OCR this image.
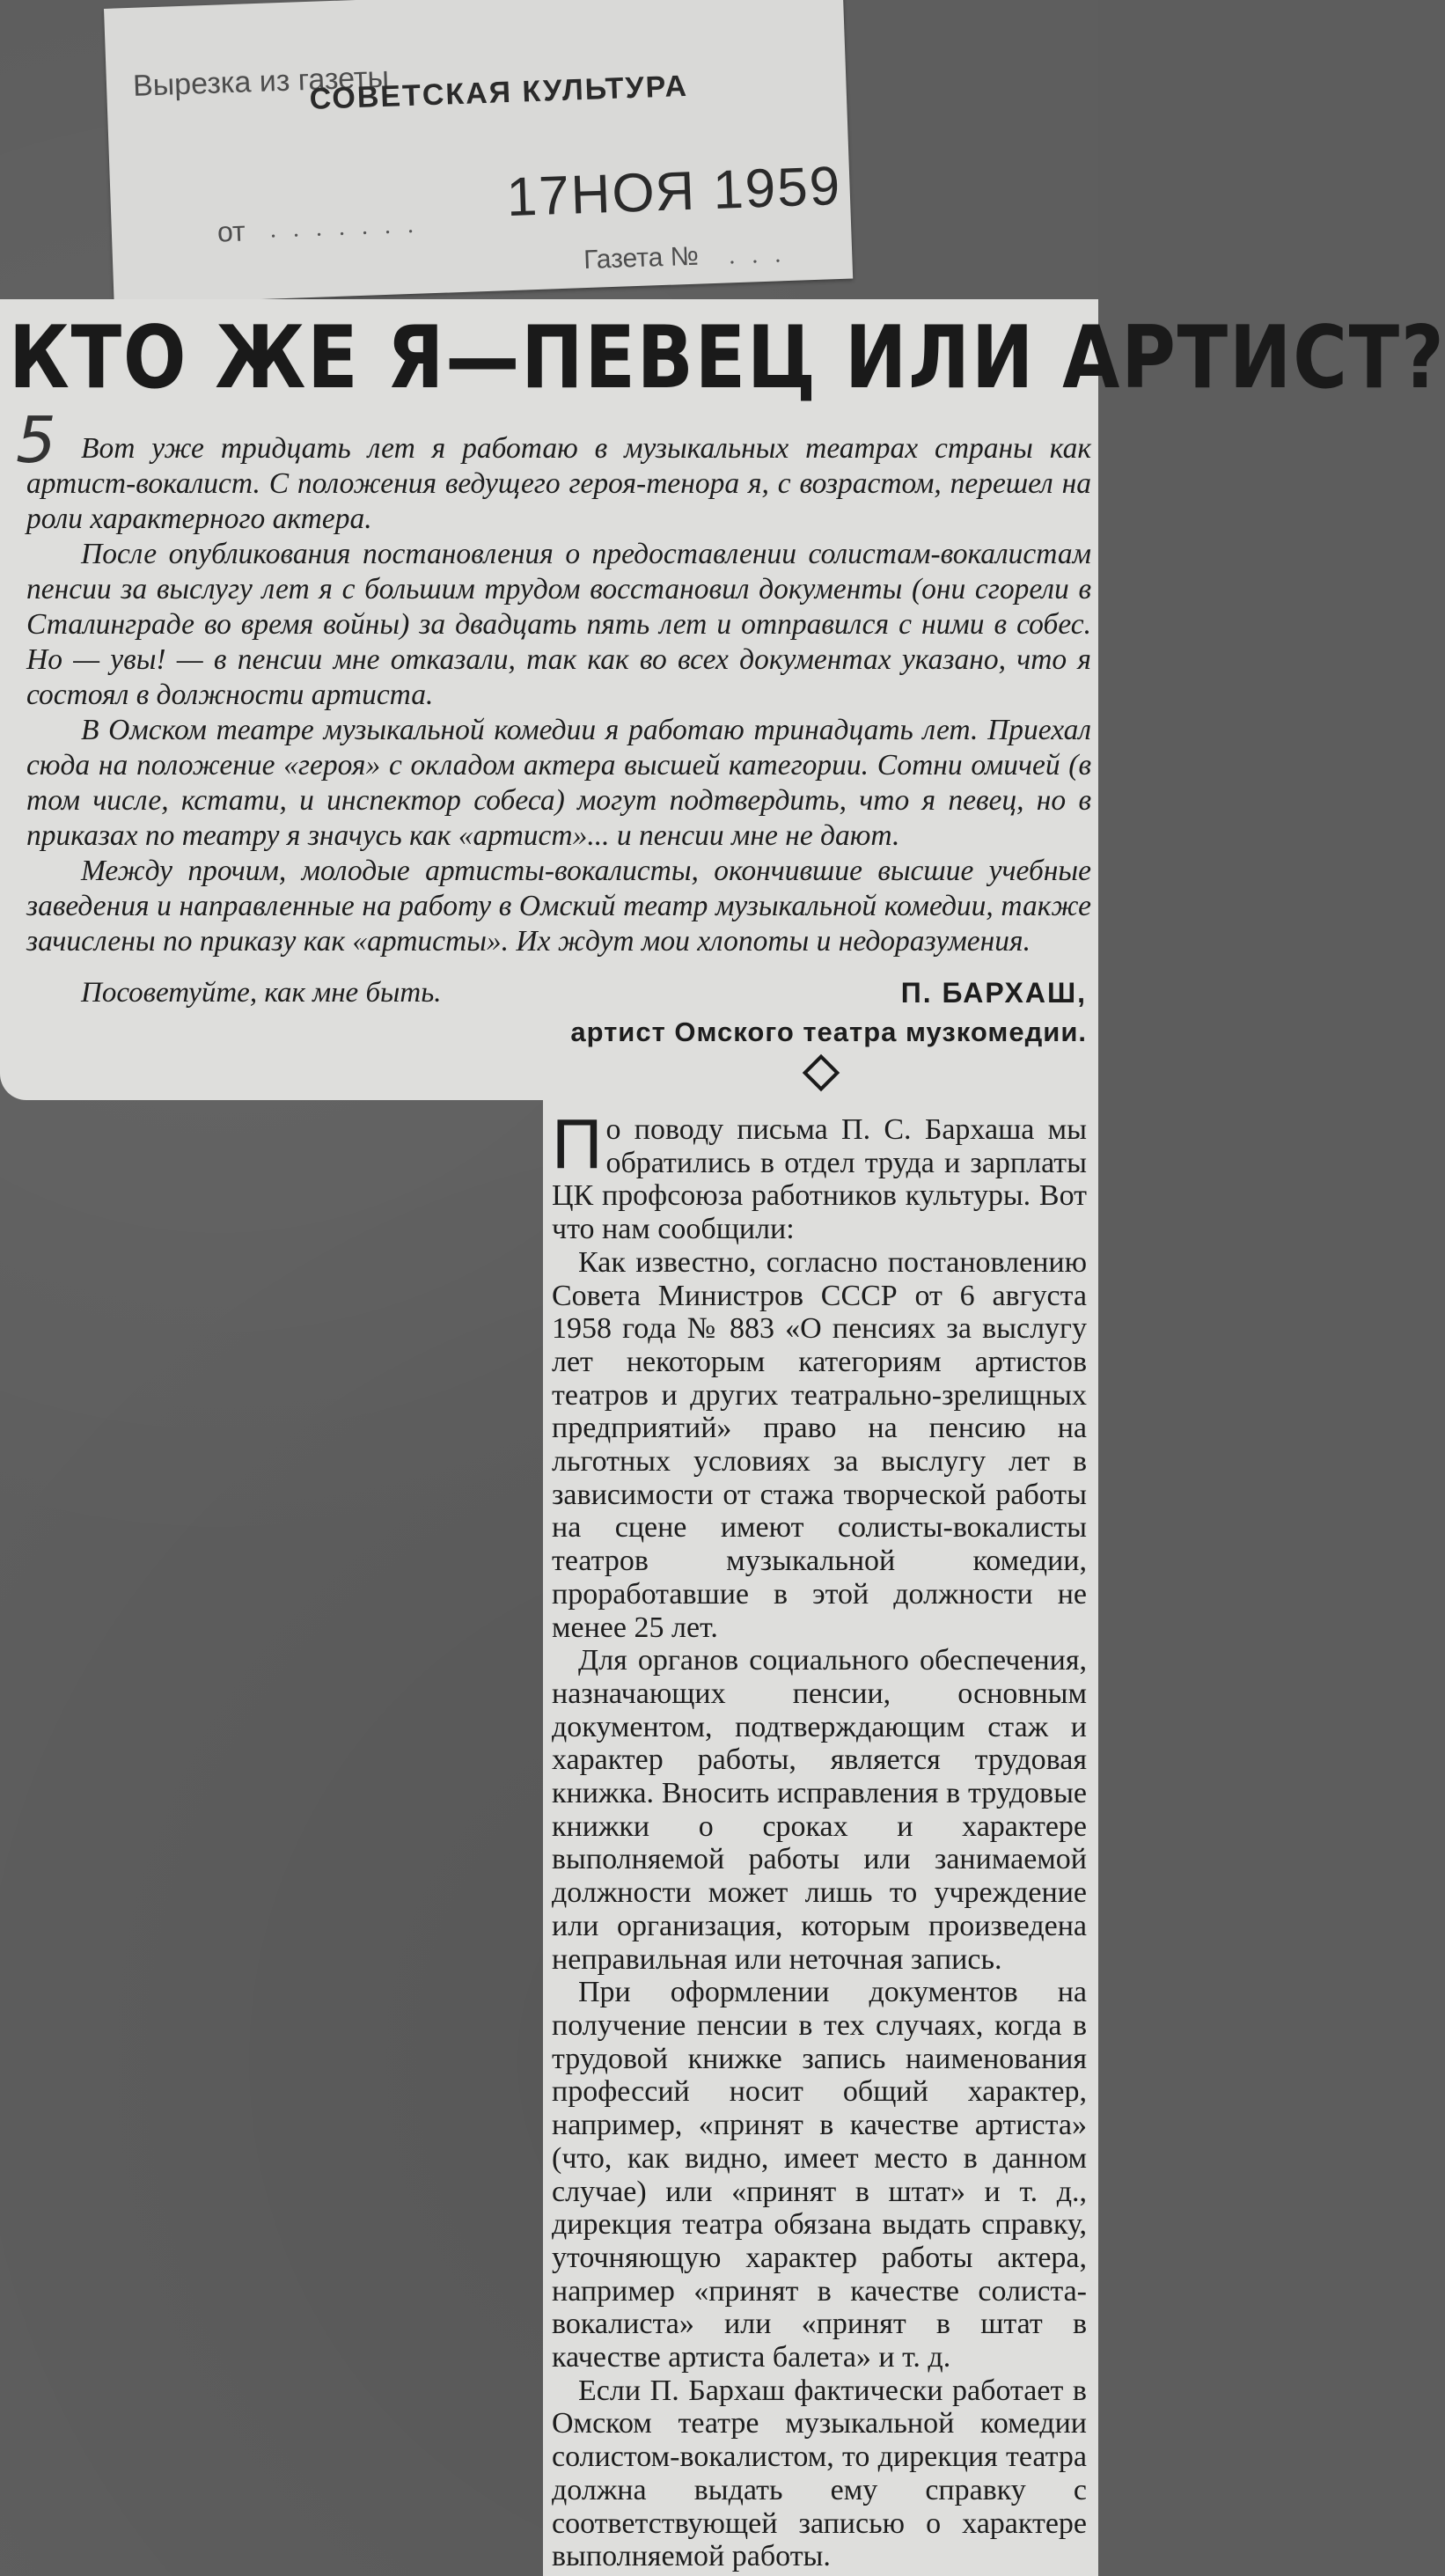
Вырезка из газеты
СОВЕТСКАЯ КУЛЬТУРА
от . . . . . . . 17НОЯ 1959
Газета № . . .
КТО ЖЕ Я—ПЕВЕЦ ИЛИ АРТИСТ?
5 Вот уже тридцать лет я работаю в музыкальных театрах страны как артист-вокалист. С положения ведущего героя-тенора я, с возрастом, перешел на роли характерного актера.

После опубликования постановления о предоставлении солистам-вокалистам пенсии за выслугу лет я с большим трудом восстановил документы (они сгорели в Сталинграде во время войны) за двадцать пять лет и отправился с ними в собес. Но — увы! — в пенсии мне отказали, так как во всех документах указано, что я состоял в должности артиста.

В Омском театре музыкальной комедии я работаю тринадцать лет. Приехал сюда на положение «героя» с окладом актера высшей категории. Сотни омичей (в том числе, кстати, и инспектор собеса) могут подтвердить, что я певец, но в приказах по театру я значусь как «артист»... и пенсии мне не дают.

Между прочим, молодые артисты-вокалисты, окончившие высшие учебные заведения и направленные на работу в Омский театр музыкальной комедии, также зачислены по приказу как «артисты». Их ждут мои хлопоты и недоразумения.

Посоветуйте, как мне быть.	П. БАРХАШ,
артист Омского театра музкомедии.

По поводу письма П. С. Бархаша мы обратились в отдел труда и зарплаты ЦК профсоюза работников культуры. Вот что нам сообщили:

Как известно, согласно постановлению Совета Министров СССР от 6 августа 1958 года № 883 «О пенсиях за выслугу лет некоторым категориям артистов театров и других театрально-зрелищных предприятий» право на пенсию на льготных условиях за выслугу лет в зависимости от стажа творческой работы на сцене имеют солисты-вокалисты театров музыкальной комедии, проработавшие в этой должности не менее 25 лет.

Для органов социального обеспечения, назначающих пенсии, основным документом, подтверждающим стаж и характер работы, является трудовая книжка. Вносить исправления в трудовые книжки о сроках и характере выполняемой работы или занимаемой должности может лишь то учреждение или организация, которым произведена неправильная или неточная запись.

При оформлении документов на получение пенсии в тех случаях, когда в трудовой книжке запись наименования профессий носит общий характер, например, «принят в качестве артиста» (что, как видно, имеет место в данном случае) или «принят в штат» и т. д., дирекция театра обязана выдать справку, уточняющую характер работы актера, например «принят в качестве солиста-вокалиста» или «принят в штат в качестве артиста балета» и т. д.

Если П. Бархаш фактически работает в Омском театре музыкальной комедии солистом-вокалистом, то дирекция театра должна выдать ему справку с соответствующей записью о характере выполняемой работы.
